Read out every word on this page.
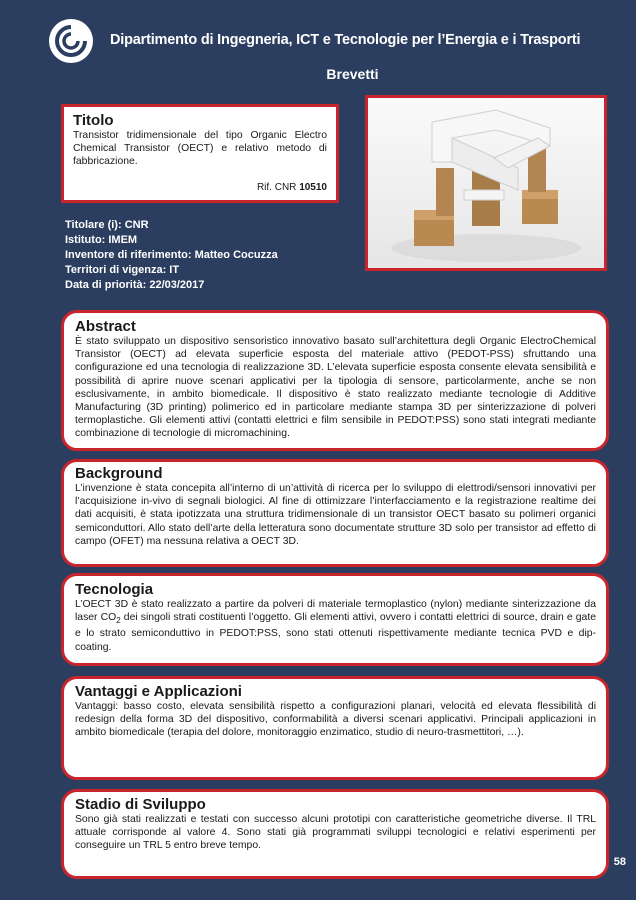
Dipartimento di Ingegneria, ICT e Tecnologie per l’Energia e i Trasporti
Brevetti
Titolo

Transistor tridimensionale del tipo Organic Electro Chemical Transistor (OECT) e relativo metodo di fabbricazione.

Rif. CNR 10510
Titolare (i): CNR
Istituto: IMEM
Inventore di riferimento: Matteo Cocuzza
Territori di vigenza: IT
Data di priorità: 22/03/2017
Abstract

È stato sviluppato un dispositivo sensoristico innovativo basato sull’architettura degli Organic ElectroChemical Transistor (OECT) ad elevata superficie esposta del materiale attivo (PEDOT-PSS) sfruttando una configurazione ed una tecnologia di realizzazione 3D. L’elevata superficie esposta consente elevata sensibilità e possibilità di aprire nuove scenari applicativi per la tipologia di sensore, particolarmente, anche se non esclusivamente, in ambito biomedicale. Il dispositivo è stato realizzato mediante tecnologie di Additive Manufacturing (3D printing) polimerico ed in particolare mediante stampa 3D per sinterizzazione di polveri termoplastiche. Gli elementi attivi (contatti elettrici e film sensibile in PEDOT:PSS) sono stati integrati mediante combinazione di tecnologie di micromachining.

Background

L’invenzione è stata concepita all’interno di un’attività di ricerca per lo sviluppo di elettrodi/sensori innovativi per l’acquisizione in-vivo di segnali biologici. Al fine di ottimizzare l’interfacciamento e la registrazione realtime dei dati acquisiti, è stata ipotizzata una struttura tridimensionale di un transistor OECT basato su polimeri organici semiconduttori. Allo stato dell’arte della letteratura sono documentate strutture 3D solo per transistor ad effetto di campo (OFET) ma nessuna relativa a OECT 3D.

Tecnologia

L’OECT 3D è stato realizzato a partire da polveri di materiale termoplastico (nylon) mediante sinterizzazione da laser $CO_2$ dei singoli strati costituenti l’oggetto. Gli elementi attivi, ovvero i contatti elettrici di source, drain e gate e lo strato semiconduttivo in PEDOT:PSS, sono stati ottenuti rispettivamente mediante tecnica PVD e dip-coating.

Vantaggi e Applicazioni

Vantaggi: basso costo, elevata sensibilità rispetto a configurazioni planari, velocità ed elevata flessibilità di redesign della forma 3D del dispositivo, conformabilità a diversi scenari applicativi. Principali applicazioni in ambito biomedicale (terapia del dolore, monitoraggio enzimatico, studio di neuro-trasmettitori, …).

Stadio di Sviluppo

Sono già stati realizzati e testati con successo alcuni prototipi con caratteristiche geometriche diverse. Il TRL attuale corrisponde al valore 4. Sono stati già programmati sviluppi tecnologici e relativi esperimenti per conseguire un TRL 5 entro breve tempo.

58
